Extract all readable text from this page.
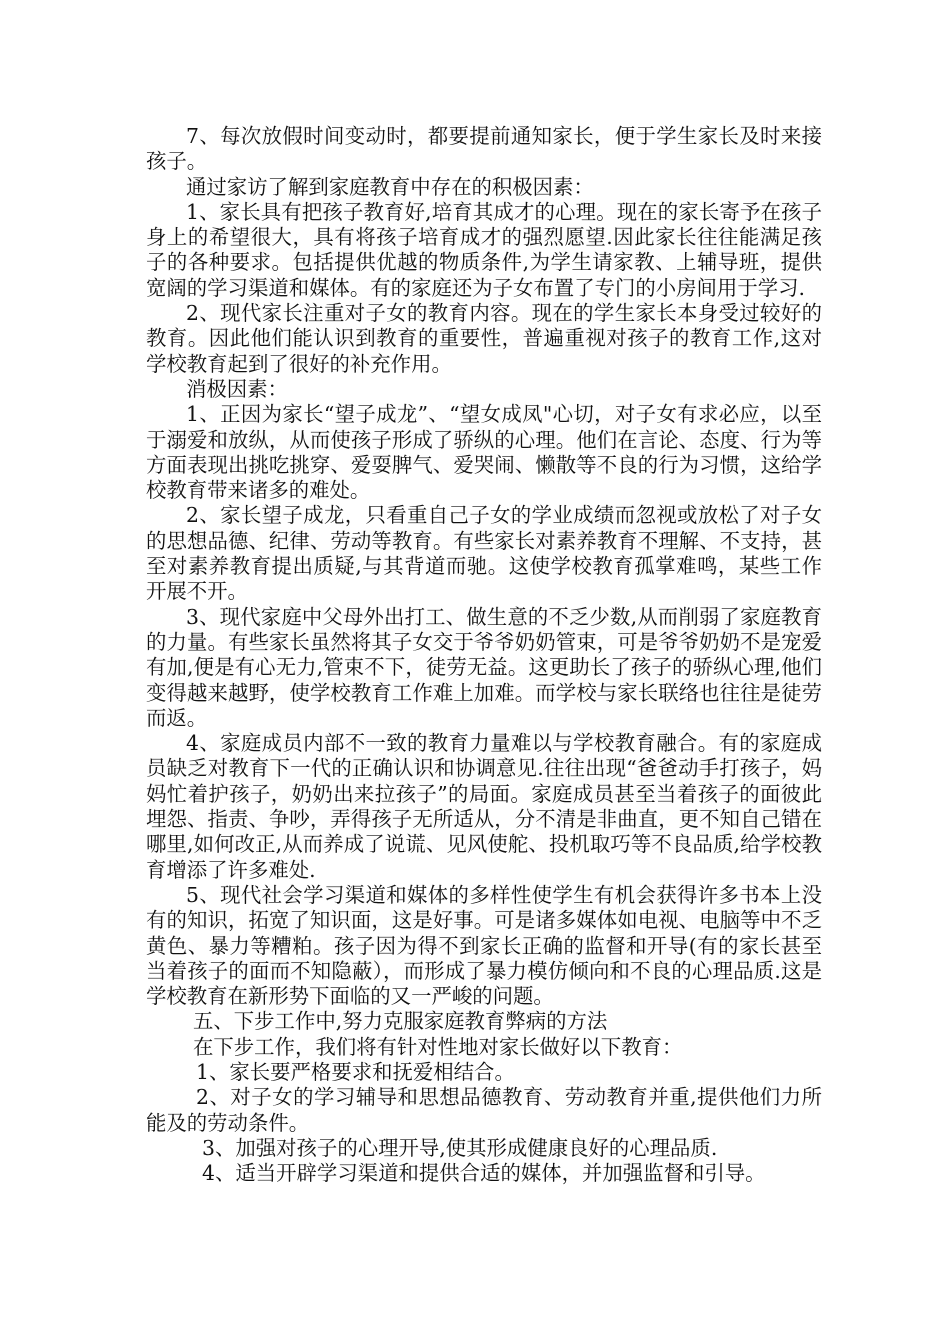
7、每次放假时间变动时，都要提前通知家长，便于学生家长及时来接孩子。

通过家访了解到家庭教育中存在的积极因素：

1、家长具有把孩子教育好,培育其成才的心理。现在的家长寄予在孩子身上的希望很大，具有将孩子培育成才的强烈愿望.因此家长往往能满足孩子的各种要求。包括提供优越的物质条件,为学生请家教、上辅导班，提供宽阔的学习渠道和媒体。有的家庭还为子女布置了专门的小房间用于学习.

2、现代家长注重对子女的教育内容。现在的学生家长本身受过较好的教育。因此他们能认识到教育的重要性，普遍重视对孩子的教育工作,这对学校教育起到了很好的补充作用。

消极因素：

1、正因为家长“望子成龙”、“望女成凤"心切，对子女有求必应，以至于溺爱和放纵，从而使孩子形成了骄纵的心理。他们在言论、态度、行为等方面表现出挑吃挑穿、爱耍脾气、爱哭闹、懒散等不良的行为习惯，这给学校教育带来诸多的难处。

2、家长望子成龙，只看重自己子女的学业成绩而忽视或放松了对子女的思想品德、纪律、劳动等教育。有些家长对素养教育不理解、不支持，甚至对素养教育提出质疑,与其背道而驰。这使学校教育孤掌难鸣，某些工作开展不开。

3、现代家庭中父母外出打工、做生意的不乏少数,从而削弱了家庭教育的力量。有些家长虽然将其子女交于爷爷奶奶管束，可是爷爷奶奶不是宠爱有加,便是有心无力,管束不下，徒劳无益。这更助长了孩子的骄纵心理,他们变得越来越野，使学校教育工作难上加难。而学校与家长联络也往往是徒劳而返。

4、家庭成员内部不一致的教育力量难以与学校教育融合。有的家庭成员缺乏对教育下一代的正确认识和协调意见.往往出现“爸爸动手打孩子，妈妈忙着护孩子，奶奶出来拉孩子”的局面。家庭成员甚至当着孩子的面彼此埋怨、指责、争吵，弄得孩子无所适从，分不清是非曲直，更不知自己错在哪里,如何改正,从而养成了说谎、见风使舵、投机取巧等不良品质,给学校教育增添了许多难处.

5、现代社会学习渠道和媒体的多样性使学生有机会获得许多书本上没有的知识，拓宽了知识面，这是好事。可是诸多媒体如电视、电脑等中不乏黄色、暴力等糟粕。孩子因为得不到家长正确的监督和开导(有的家长甚至当着孩子的面而不知隐蔽），而形成了暴力模仿倾向和不良的心理品质.这是学校教育在新形势下面临的又一严峻的问题。

五、下步工作中,努力克服家庭教育弊病的方法

在下步工作，我们将有针对性地对家长做好以下教育：

1、家长要严格要求和抚爱相结合。

2、对子女的学习辅导和思想品德教育、劳动教育并重,提供他们力所能及的劳动条件。

3、加强对孩子的心理开导,使其形成健康良好的心理品质.

4、适当开辟学习渠道和提供合适的媒体，并加强监督和引导。
